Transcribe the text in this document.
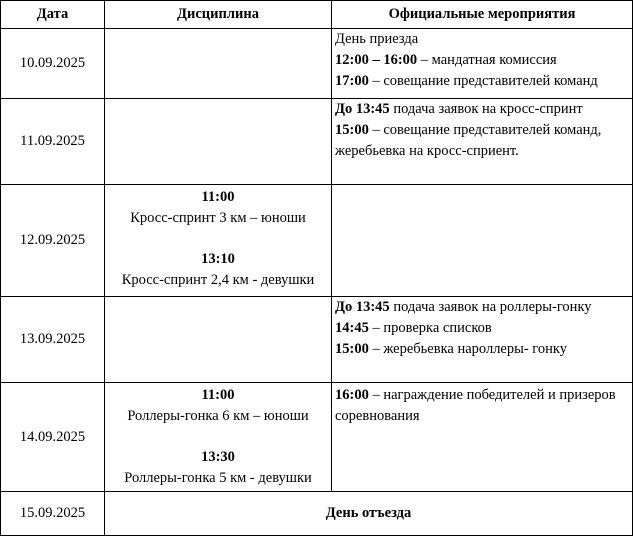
Дата	Дисциплина	Официальные мероприятия
10.09.2025		День приезда
12:00 – 16:00 – мандатная комиссия
17:00 – совещание представителей команд

11.09.2025		До 13:45 подача заявок на кросс-спринт
15:00 – совещание представителей команд, жеребьевка на кросс-сприент.

12.09.2025	11:00
Кросс-спринт 3 км – юноши
13:10
Кросс-спринт 2,4 км - девушки	

13.09.2025		До 13:45 подача заявок на роллеры-гонку
14:45 – проверка списков
15:00 – жеребьевка нароллеры- гонку

14.09.2025	11:00
Роллеры-гонка 6 км – юноши
13:30
Роллеры-гонка 5 км - девушки	16:00 – награждение победителей и призеров соревнования

15.09.2025	День отъезда	
